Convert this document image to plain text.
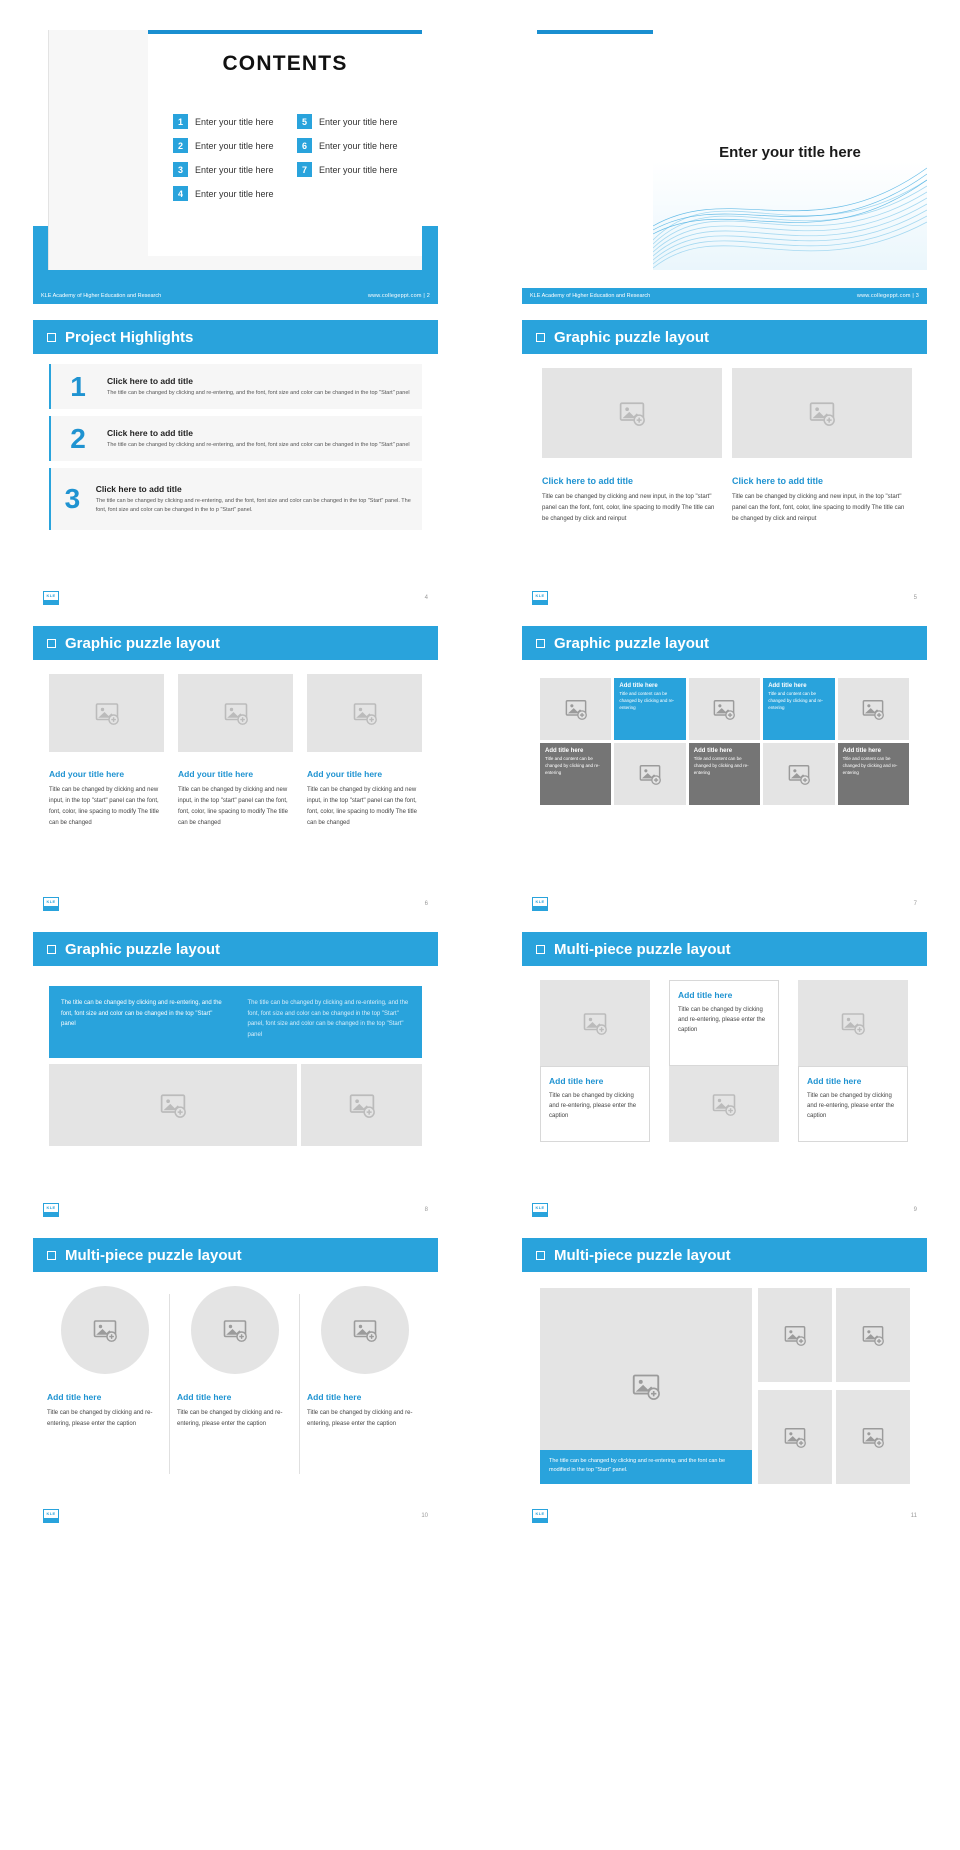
CONTENTS
1	Enter your title here	5	Enter your title here
2	Enter your title here	6	Enter your title here
3	Enter your title here	7	Enter your title here
4	Enter your title here
KLE Academy of Higher Education and Research	www.collegeppt.com | 2
Enter your title here
KLE Academy of Higher Education and Research	www.collegeppt.com | 3
Project Highlights
1	Click here to add title
The title can be changed by clicking and re-entering, and the font, font size and color can be changed in the top "Start" panel
2	Click here to add title
The title can be changed by clicking and re-entering, and the font, font size and color can be changed in the top "Start" panel
3	Click here to add title
The title can be changed by clicking and re-entering, and the font, font size and color can be changed in the top "Start" panel. The font, font size and color can be changed in the to p "Start" panel.
KLE	4
Graphic puzzle layout
Click here to add title
Title can be changed by clicking and new input, in the top "start" panel can the font, font, color, line spacing to modify The title can be changed by click and reinput
Click here to add title
Title can be changed by clicking and new input, in the top "start" panel can the font, font, color, line spacing to modify The title can be changed by click and reinput
KLE	5
Graphic puzzle layout
Add your title here
Title can be changed by clicking and new input, in the top "start" panel can the font, font, color, line spacing to modify The title can be changed
Add your title here
Title can be changed by clicking and new input, in the top "start" panel can the font, font, color, line spacing to modify The title can be changed
Add your title here
Title can be changed by clicking and new input, in the top "start" panel can the font, font, color, line spacing to modify The title can be changed
KLE	6
Graphic puzzle layout
Add title here
Title and content can be changed by clicking and re-entering
Add title here
Title and content can be changed by clicking and re-entering
Add title here
Title and content can be changed by clicking and re-entering
Add title here
Title and content can be changed by clicking and re-entering
Add title here
Title and content can be changed by clicking and re-entering
KLE	7
Graphic puzzle layout
The title can be changed by clicking and re-entering, and the font, font size and color can be changed in the top "Start" panel
The title can be changed by clicking and re-entering, and the font, font size and color can be changed in the top "Start" panel, font size and color can be changed in the top "Start" panel
KLE	8
Multi-piece puzzle layout
Add title here
Title can be changed by clicking and re-entering, please enter the caption
Add title here
Title can be changed by clicking and re-entering, please enter the caption
Add title here
Title can be changed by clicking and re-entering, please enter the caption
KLE	9
Multi-piece puzzle layout
Add title here
Title can be changed by clicking and re-entering, please enter the caption
Add title here
Title can be changed by clicking and re-entering, please enter the caption
Add title here
Title can be changed by clicking and re-entering, please enter the caption
KLE	10
Multi-piece puzzle layout
The title can be changed by clicking and re-entering, and the font can be modified in the top "Start" panel.
KLE	11
